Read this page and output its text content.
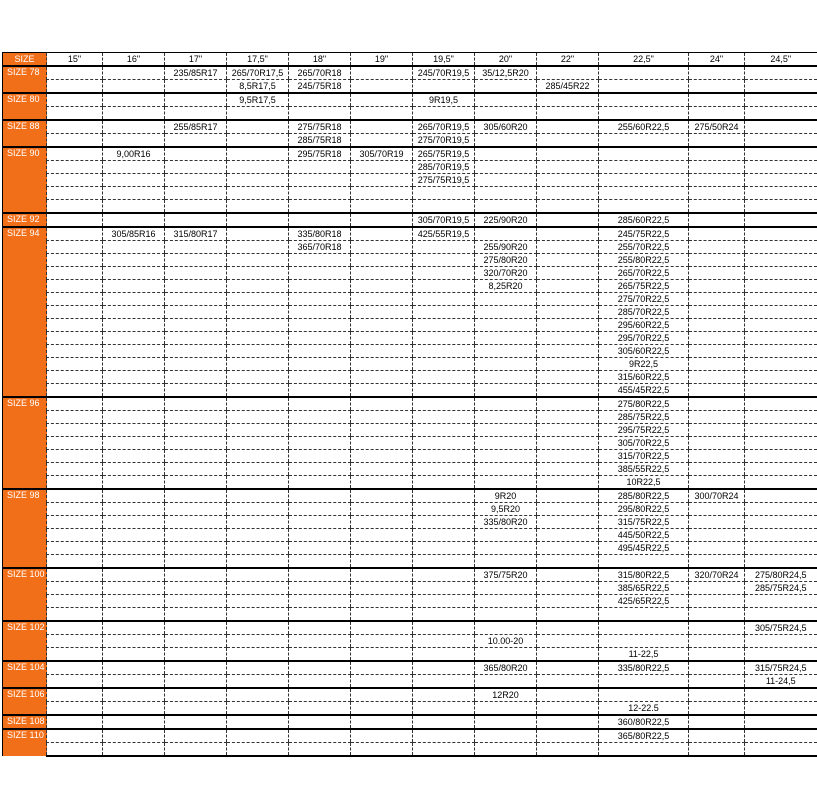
SIZE	15"	16"	17"	17,5"	18"	19"	19,5"	20"	22"	22,5"	24"	24,5"
SIZE 78			235/85R17	265/70R17,5	265/70R18		245/70R19,5	35/12,5R20				
				8,5R17,5	245/75R18				285/45R22			
SIZE 80				9,5R17,5			9R19,5					

SIZE 88			255/85R17		275/75R18		265/70R19,5	305/60R20		255/60R22,5	275/50R24	
					285/75R18		275/70R19,5					
SIZE 90		9,00R16			295/75R18	305/70R19	265/75R19,5					
							285/70R19,5					
							275/75R19,5					

SIZE 92							305/70R19,5	225/90R20		285/60R22,5		
SIZE 94		305/85R16	315/80R17		335/80R18		425/55R19,5			245/75R22,5		
					365/70R18			255/90R20		255/70R22,5		
								275/80R20		255/80R22,5		
								320/70R20		265/70R22,5		
								8,25R20		265/75R22,5		
										275/70R22,5		
										285/70R22,5		
										295/60R22,5		
										295/70R22,5		
										305/60R22,5		
										9R22,5		
										315/60R22,5		
										455/45R22,5		
SIZE 96										275/80R22,5		
										285/75R22,5		
										295/75R22,5		
										305/70R22,5		
										315/70R22,5		
										385/55R22,5		
										10R22,5		
SIZE 98								9R20		285/80R22,5	300/70R24	
								9,5R20		295/80R22,5		
								335/80R20		315/75R22,5		
										445/50R22,5		
										495/45R22,5		

SIZE 100								375/75R20		315/80R22,5	320/70R24	275/80R24,5
										385/65R22,5		285/75R24,5
										425/65R22,5		

SIZE 102												305/75R24,5
								10.00-20				
										11-22,5		
SIZE 104								365/80R20		335/80R22,5		315/75R24,5
												11-24,5
SIZE 106								12R20				
										12-22.5		
SIZE 108										360/80R22,5		
SIZE 110										365/80R22,5		
